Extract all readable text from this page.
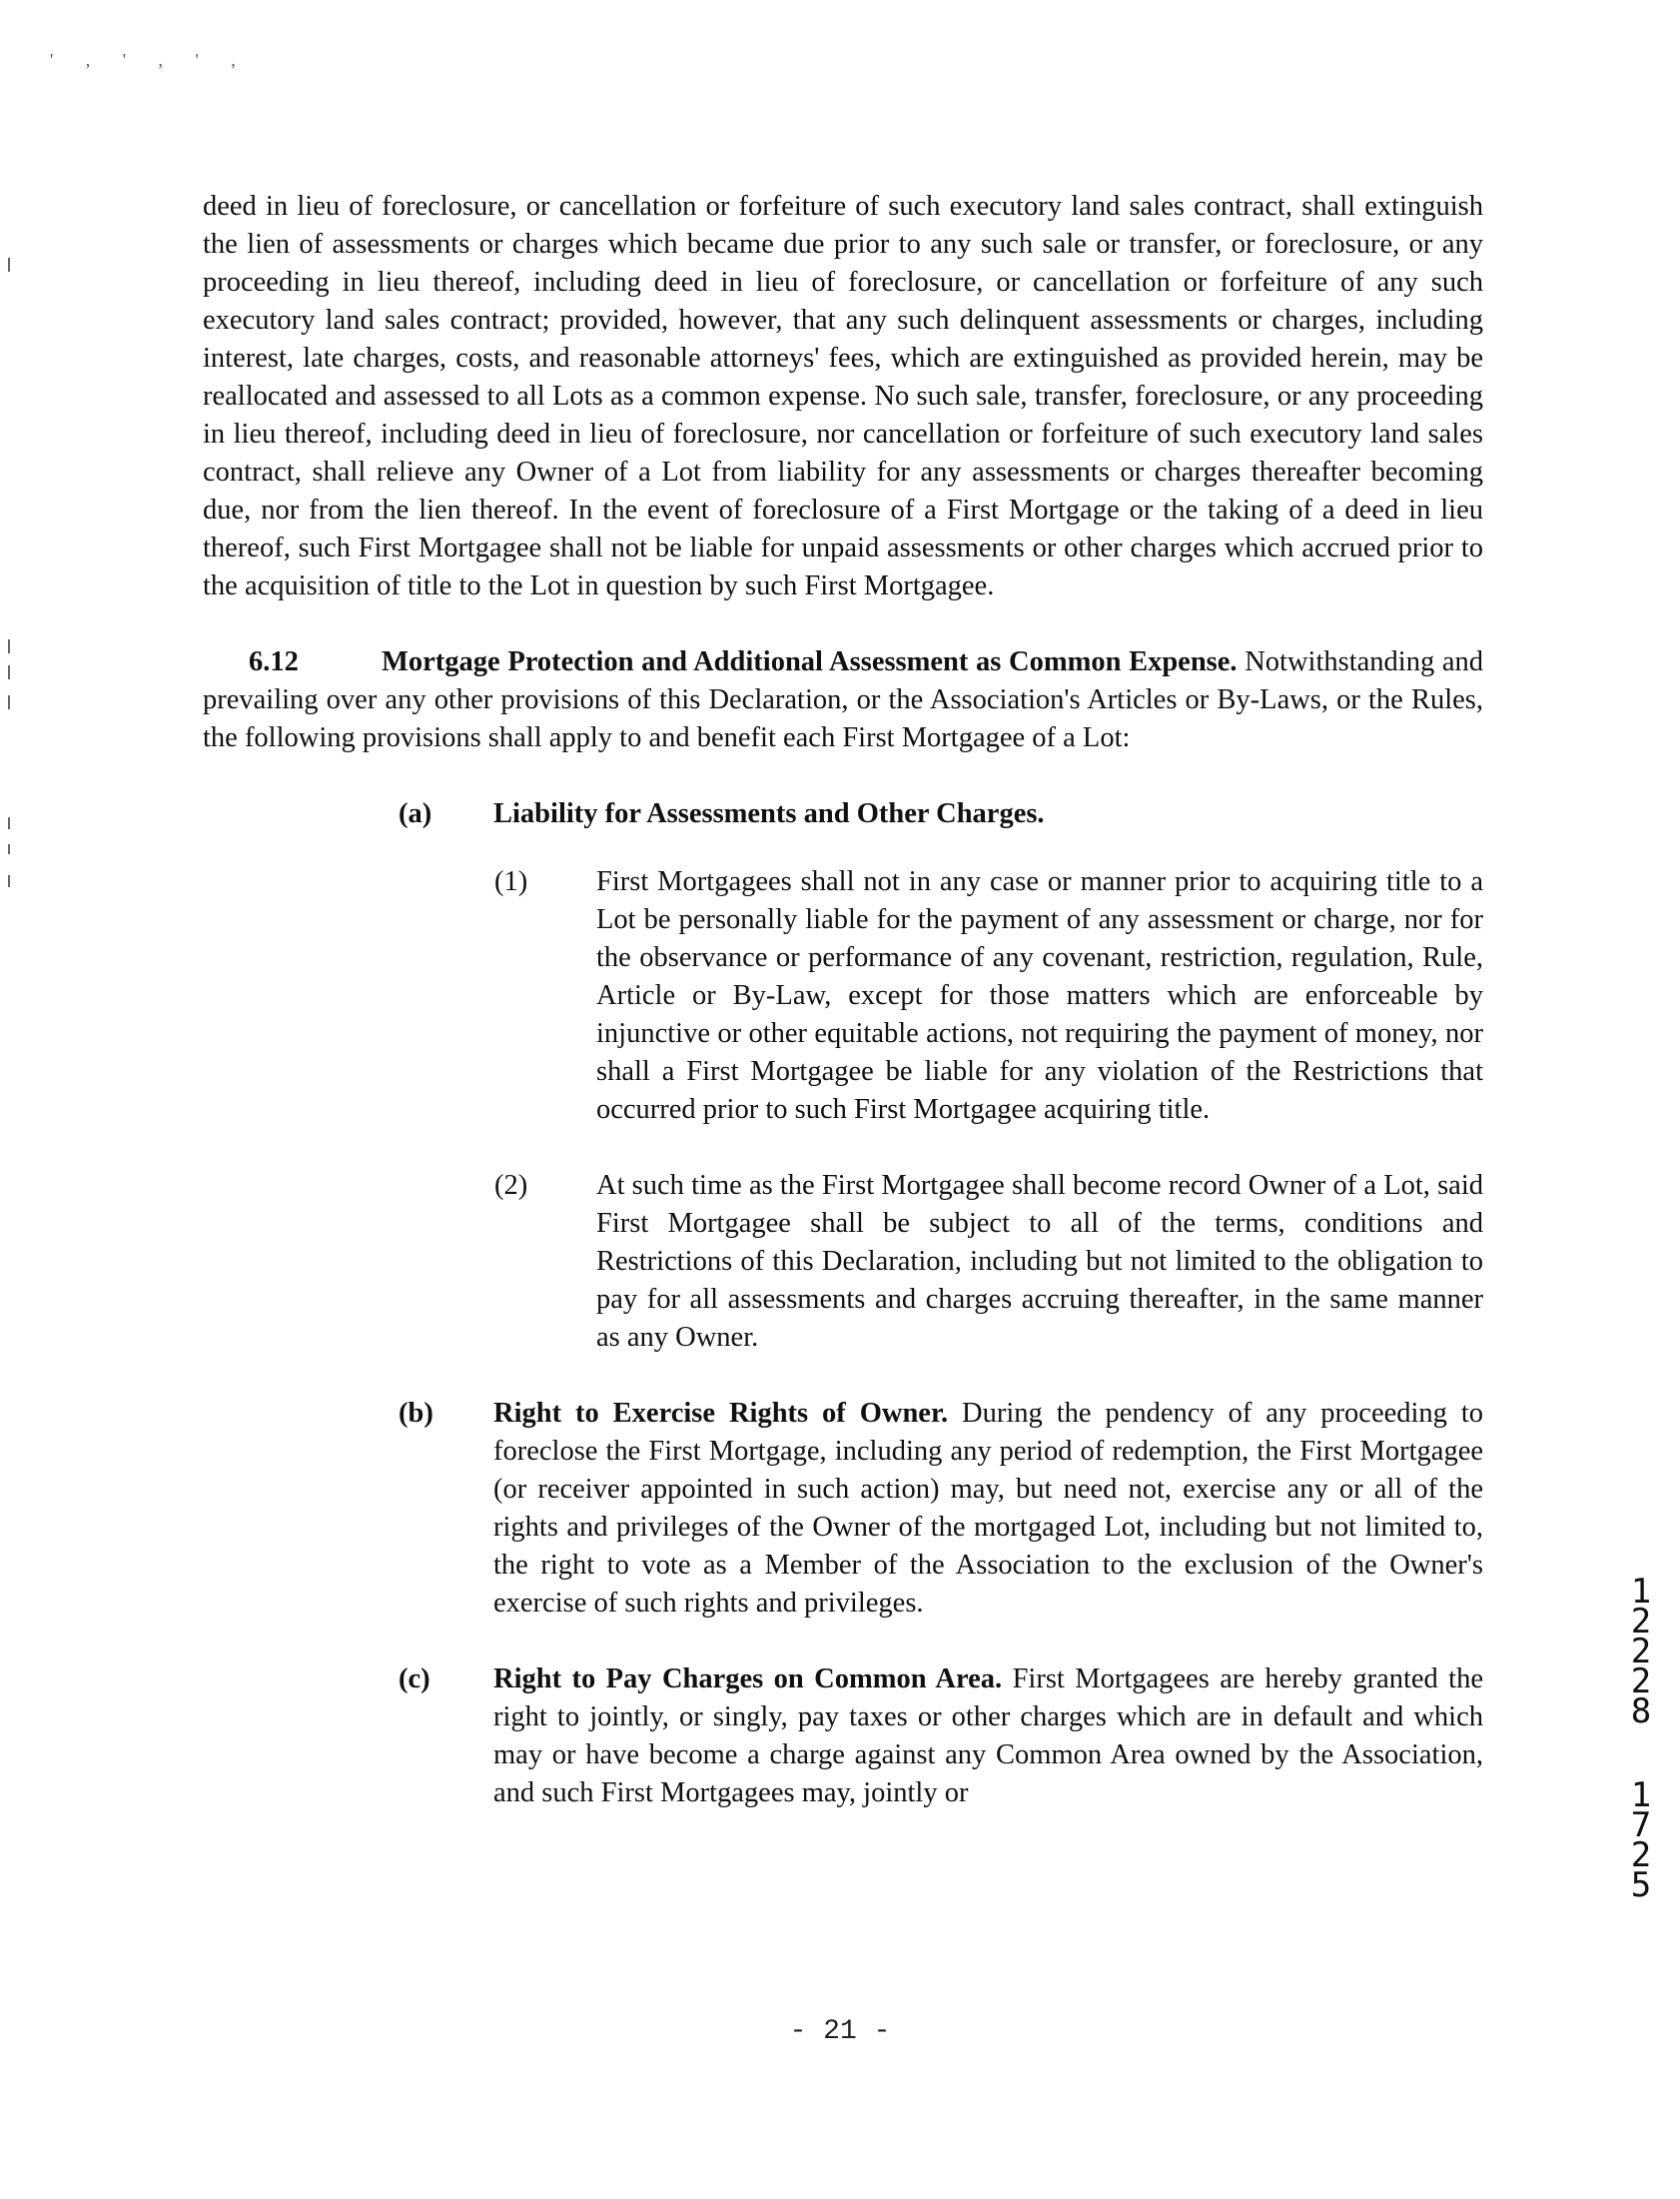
' , ' , ' ,

deed in lieu of foreclosure, or cancellation or forfeiture of such executory land sales contract, shall extinguish the lien of assessments or charges which became due prior to any such sale or transfer, or foreclosure, or any proceeding in lieu thereof, including deed in lieu of foreclosure, or cancellation or forfeiture of any such executory land sales contract; provided, however, that any such delinquent assessments or charges, including interest, late charges, costs, and reasonable attorneys' fees, which are extinguished as provided herein, may be reallocated and assessed to all Lots as a common expense. No such sale, transfer, foreclosure, or any proceeding in lieu thereof, including deed in lieu of foreclosure, nor cancellation or forfeiture of such executory land sales contract, shall relieve any Owner of a Lot from liability for any assessments or charges thereafter becoming due, nor from the lien thereof. In the event of foreclosure of a First Mortgage or the taking of a deed in lieu thereof, such First Mortgagee shall not be liable for unpaid assessments or other charges which accrued prior to the acquisition of title to the Lot in question by such First Mortgagee.

6.12	Mortgage Protection and Additional Assessment as Common Expense. Notwithstanding and prevailing over any other provisions of this Declaration, or the Association's Articles or By-Laws, or the Rules, the following provisions shall apply to and benefit each First Mortgagee of a Lot:

(a) Liability for Assessments and Other Charges.
(1) First Mortgagees shall not in any case or manner prior to acquiring title to a Lot be personally liable for the payment of any assessment or charge, nor for the observance or performance of any covenant, restriction, regulation, Rule, Article or By-Law, except for those matters which are enforceable by injunctive or other equitable actions, not requiring the payment of money, nor shall a First Mortgagee be liable for any violation of the Restrictions that occurred prior to such First Mortgagee acquiring title.
(2) At such time as the First Mortgagee shall become record Owner of a Lot, said First Mortgagee shall be subject to all of the terms, conditions and Restrictions of this Declaration, including but not limited to the obligation to pay for all assessments and charges accruing thereafter, in the same manner as any Owner.
(b) Right to Exercise Rights of Owner. During the pendency of any proceeding to foreclose the First Mortgage, including any period of redemption, the First Mortgagee (or receiver appointed in such action) may, but need not, exercise any or all of the rights and privileges of the Owner of the mortgaged Lot, including but not limited to, the right to vote as a Member of the Association to the exclusion of the Owner's exercise of such rights and privileges.
(c) Right to Pay Charges on Common Area. First Mortgagees are hereby granted the right to jointly, or singly, pay taxes or other charges which are in default and which may or have become a charge against any Common Area owned by the Association, and such First Mortgagees may, jointly or
1
2
2
2
8
1
7
2
5
- 21 -
